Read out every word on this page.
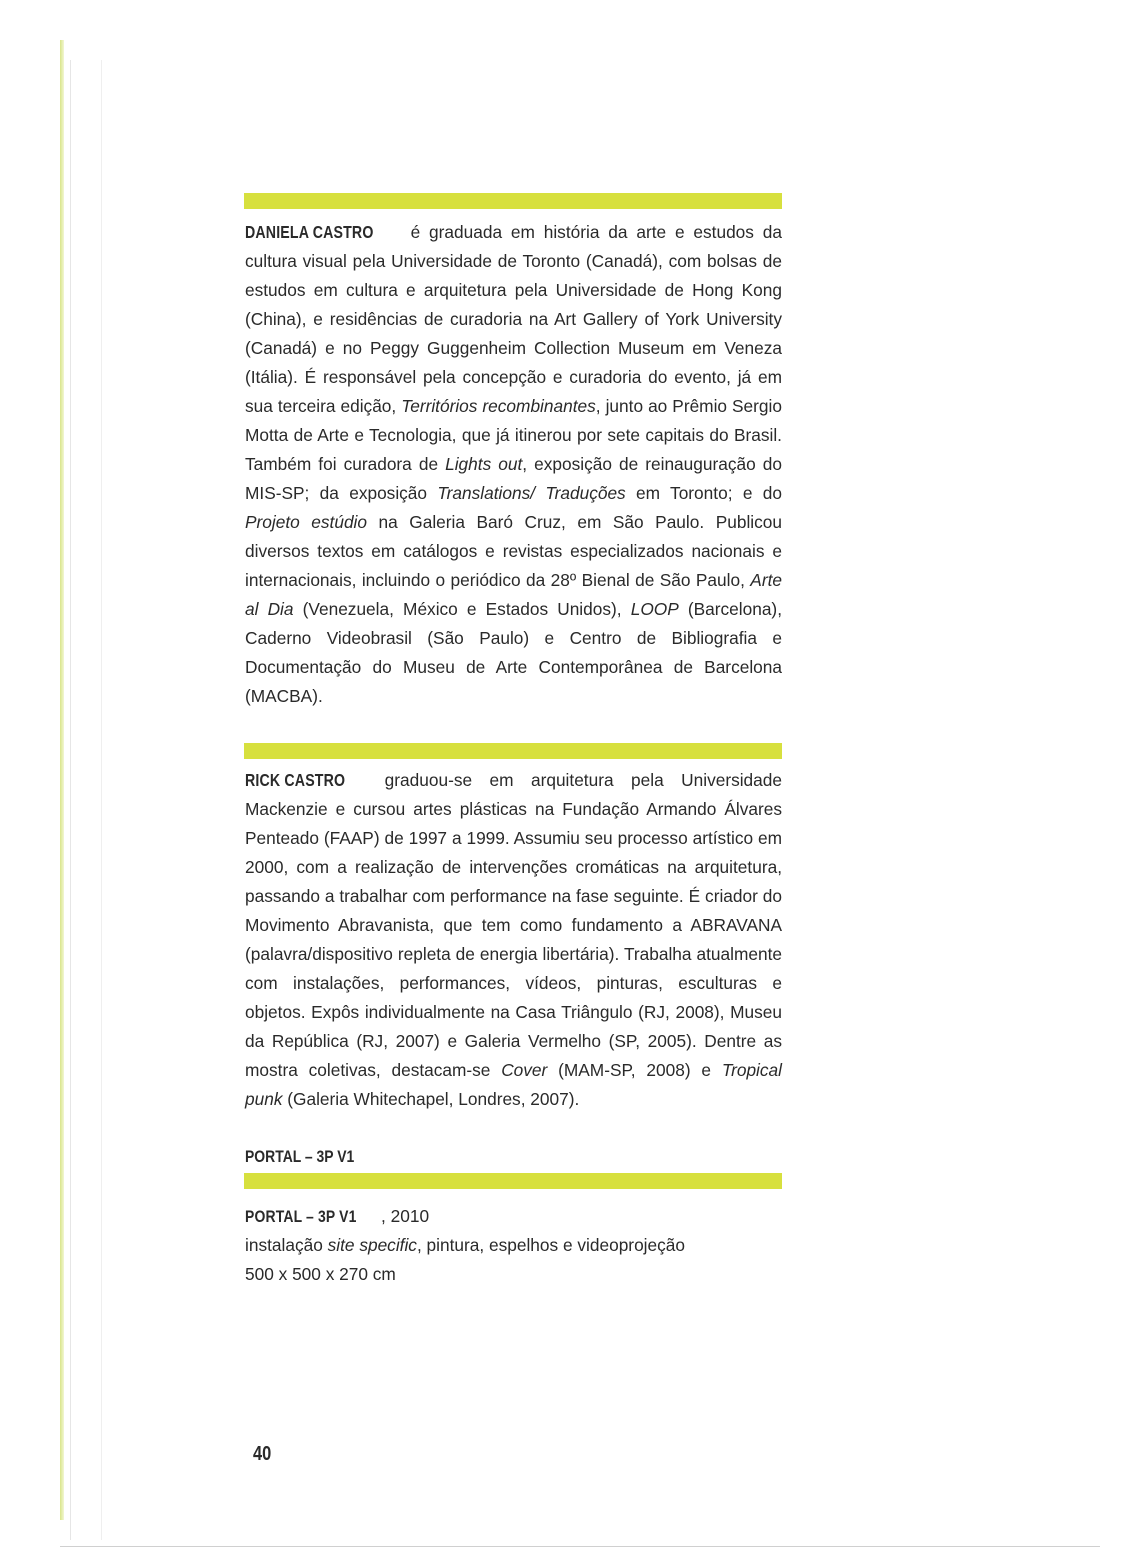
DANIELA CASTRO é graduada em história da arte e estudos da cultura visual pela Universidade de Toronto (Canadá), com bolsas de estudos em cultura e arquitetura pela Universidade de Hong Kong (China), e residências de curadoria na Art Gallery of York University (Canadá) e no Peggy Guggenheim Collection Museum em Veneza (Itália). É responsável pela concepção e curadoria do evento, já em sua terceira edição, Territórios recombinantes, junto ao Prêmio Sergio Motta de Arte e Tecnologia, que já itinerou por sete capitais do Brasil. Também foi curadora de Lights out, exposição de reinauguração do MIS-SP; da exposição Translations/ Traduções em Toronto; e do Projeto estúdio na Galeria Baró Cruz, em São Paulo. Publicou diversos textos em catálogos e revistas especializados nacionais e internacionais, incluindo o periódico da 28º Bienal de São Paulo, Arte al Dia (Venezuela, México e Estados Unidos), LOOP (Barcelona), Caderno Videobrasil (São Paulo) e Centro de Bibliografia e Documentação do Museu de Arte Contemporânea de Barcelona (MACBA).

RICK CASTRO graduou-se em arquitetura pela Universidade Mackenzie e cursou artes plásticas na Fundação Armando Álvares Penteado (FAAP) de 1997 a 1999. Assumiu seu processo artístico em 2000, com a realização de intervenções cromáticas na arquitetura, passando a trabalhar com performance na fase seguinte. É criador do Movimento Abravanista, que tem como fundamento a ABRAVANA (palavra/dispositivo repleta de energia libertária). Trabalha atualmente com instalações, performances, vídeos, pinturas, esculturas e objetos. Expôs individualmente na Casa Triângulo (RJ, 2008), Museu da República (RJ, 2007) e Galeria Vermelho (SP, 2005). Dentre as mostra coletivas, destacam-se Cover (MAM-SP, 2008) e Tropical punk (Galeria Whitechapel, Londres, 2007).

PORTAL – 3P V1
PORTAL – 3P V1 , 2010
instalação site specific, pintura, espelhos e videoprojeção
500 x 500 x 270 cm
40
